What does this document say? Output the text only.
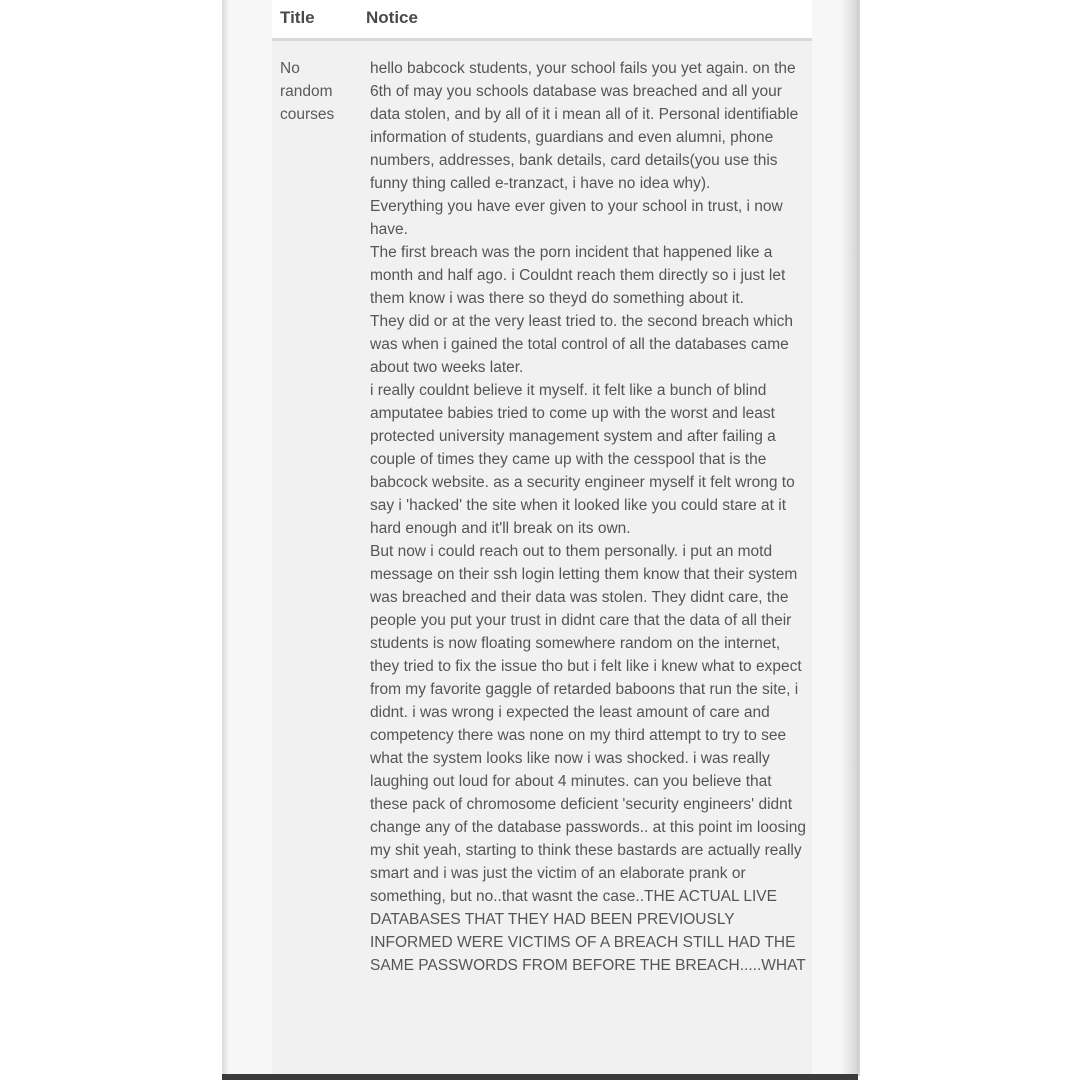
Title	Notice
No random courses

hello babcock students, your school fails you yet again. on the 6th of may you schools database was breached and all your data stolen, and by all of it i mean all of it. Personal identifiable information of students, guardians and even alumni, phone numbers, addresses, bank details, card details(you use this funny thing called e-tranzact, i have no idea why).

Everything you have ever given to your school in trust, i now have.

The first breach was the porn incident that happened like a month and half ago. i Couldnt reach them directly so i just let them know i was there so theyd do something about it.

They did or at the very least tried to. the second breach which was when i gained the total control of all the databases came about two weeks later.

i really couldnt believe it myself. it felt like a bunch of blind amputatee babies tried to come up with the worst and least protected university management system and after failing a couple of times they came up with the cesspool that is the babcock website. as a security engineer myself it felt wrong to say i 'hacked' the site when it looked like you could stare at it hard enough and it'll break on its own.

But now i could reach out to them personally. i put an motd message on their ssh login letting them know that their system was breached and their data was stolen. They didnt care, the people you put your trust in didnt care that the data of all their students is now floating somewhere random on the internet, they tried to fix the issue tho but i felt like i knew what to expect from my favorite gaggle of retarded baboons that run the site, i didnt. i was wrong i expected the least amount of care and competency there was none on my third attempt to try to see what the system looks like now i was shocked. i was really laughing out loud for about 4 minutes. can you believe that these pack of chromosome deficient 'security engineers' didnt change any of the database passwords.. at this point im loosing my shit yeah, starting to think these bastards are actually really smart and i was just the victim of an elaborate prank or something, but no..that wasnt the case..THE ACTUAL LIVE DATABASES THAT THEY HAD BEEN PREVIOUSLY INFORMED WERE VICTIMS OF A BREACH STILL HAD THE SAME PASSWORDS FROM BEFORE THE BREACH.....WHAT
